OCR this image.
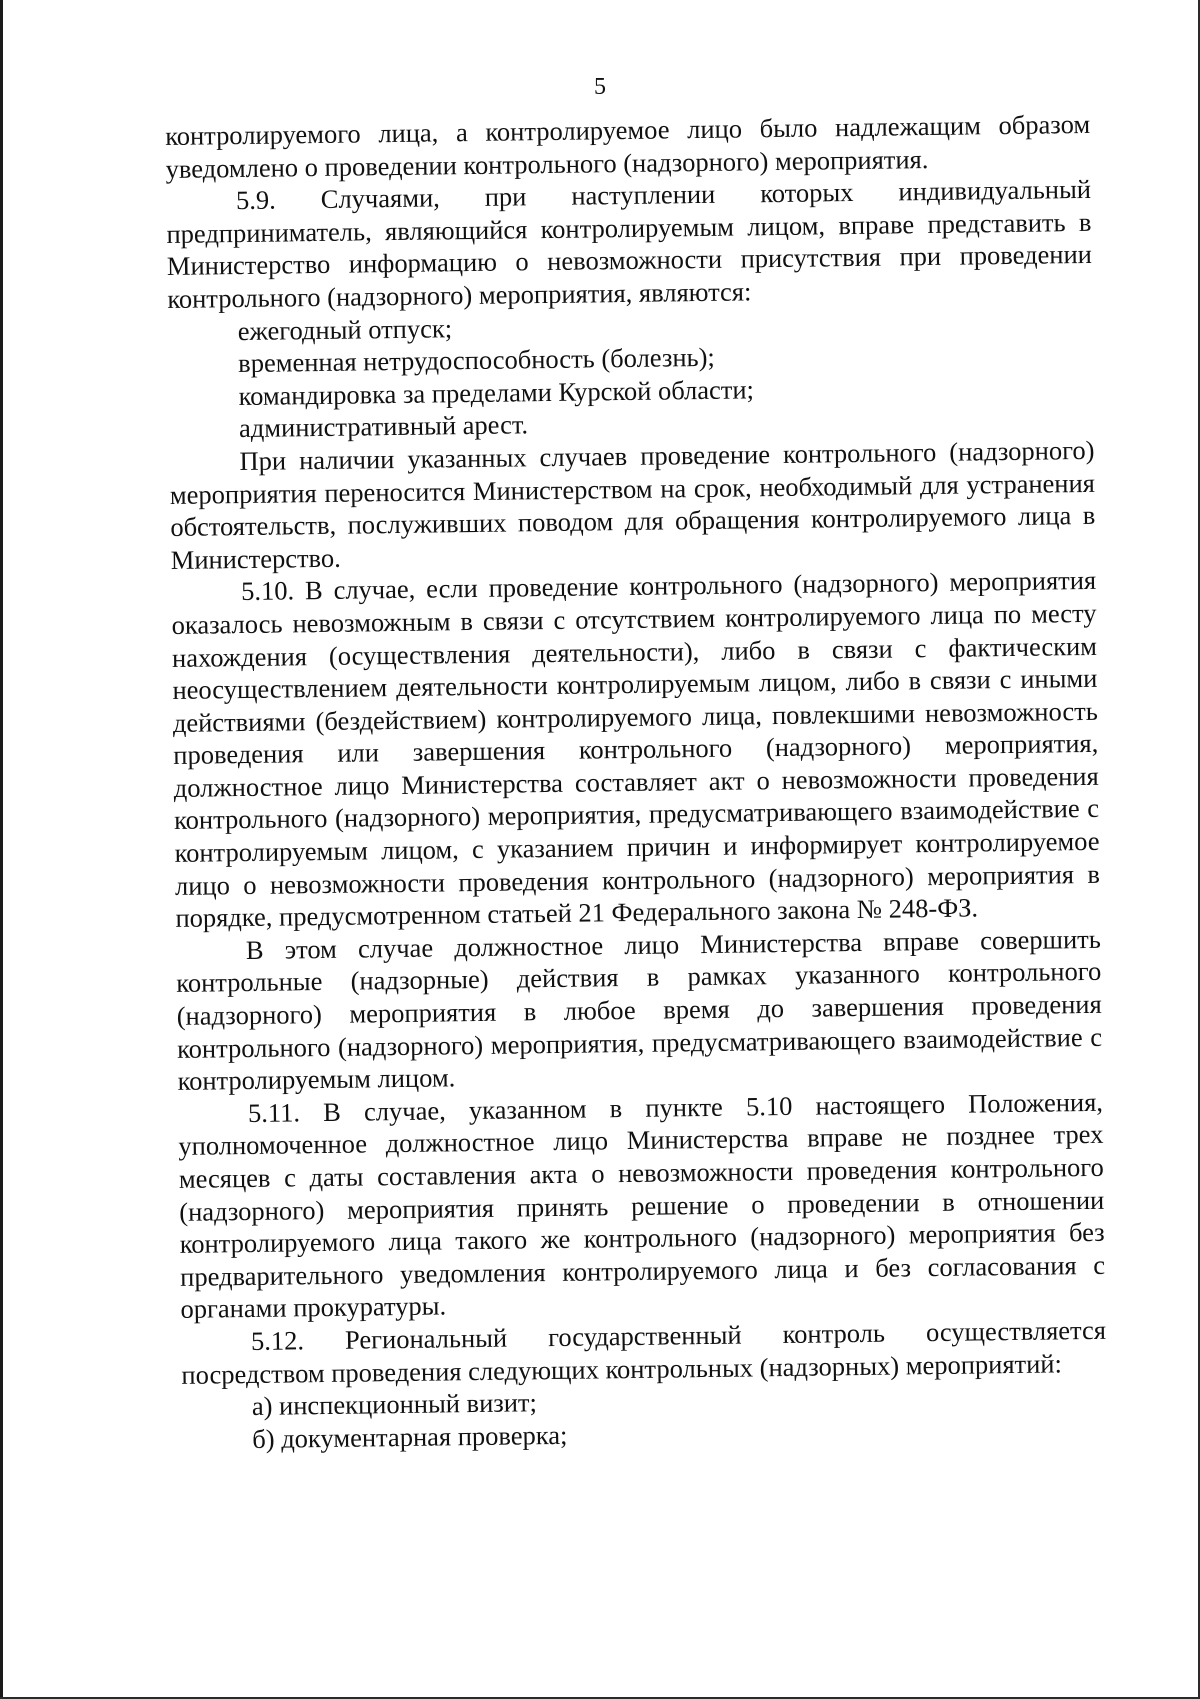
5

контролируемого лица, а контролируемое лицо было надлежащим образом уведомлено о проведении контрольного (надзорного) мероприятия.

5.9. Случаями, при наступлении которых индивидуальный предприниматель, являющийся контролируемым лицом, вправе представить в Министерство информацию о невозможности присутствия при проведении контрольного (надзорного) мероприятия, являются:

ежегодный отпуск;

временная нетрудоспособность (болезнь);

командировка за пределами Курской области;

административный арест.

При наличии указанных случаев проведение контрольного (надзорного) мероприятия переносится Министерством на срок, необходимый для устранения обстоятельств, послуживших поводом для обращения контролируемого лица в Министерство.

5.10. В случае, если проведение контрольного (надзорного) мероприятия оказалось невозможным в связи с отсутствием контролируемого лица по месту нахождения (осуществления деятельности), либо в связи с фактическим неосуществлением деятельности контролируемым лицом, либо в связи с иными действиями (бездействием) контролируемого лица, повлекшими невозможность проведения или завершения контрольного (надзорного) мероприятия, должностное лицо Министерства составляет акт о невозможности проведения контрольного (надзорного) мероприятия, предусматривающего взаимодействие с контролируемым лицом, с указанием причин и информирует контролируемое лицо о невозможности проведения контрольного (надзорного) мероприятия в порядке, предусмотренном статьей 21 Федерального закона № 248-ФЗ.

В этом случае должностное лицо Министерства вправе совершить контрольные (надзорные) действия в рамках указанного контрольного (надзорного) мероприятия в любое время до завершения проведения контрольного (надзорного) мероприятия, предусматривающего взаимодействие с контролируемым лицом.

5.11. В случае, указанном в пункте 5.10 настоящего Положения, уполномоченное должностное лицо Министерства вправе не позднее трех месяцев с даты составления акта о невозможности проведения контрольного (надзорного) мероприятия принять решение о проведении в отношении контролируемого лица такого же контрольного (надзорного) мероприятия без предварительного уведомления контролируемого лица и без согласования с органами прокуратуры.

5.12. Региональный государственный контроль осуществляется посредством проведения следующих контрольных (надзорных) мероприятий:

а) инспекционный визит;

б) документарная проверка;
